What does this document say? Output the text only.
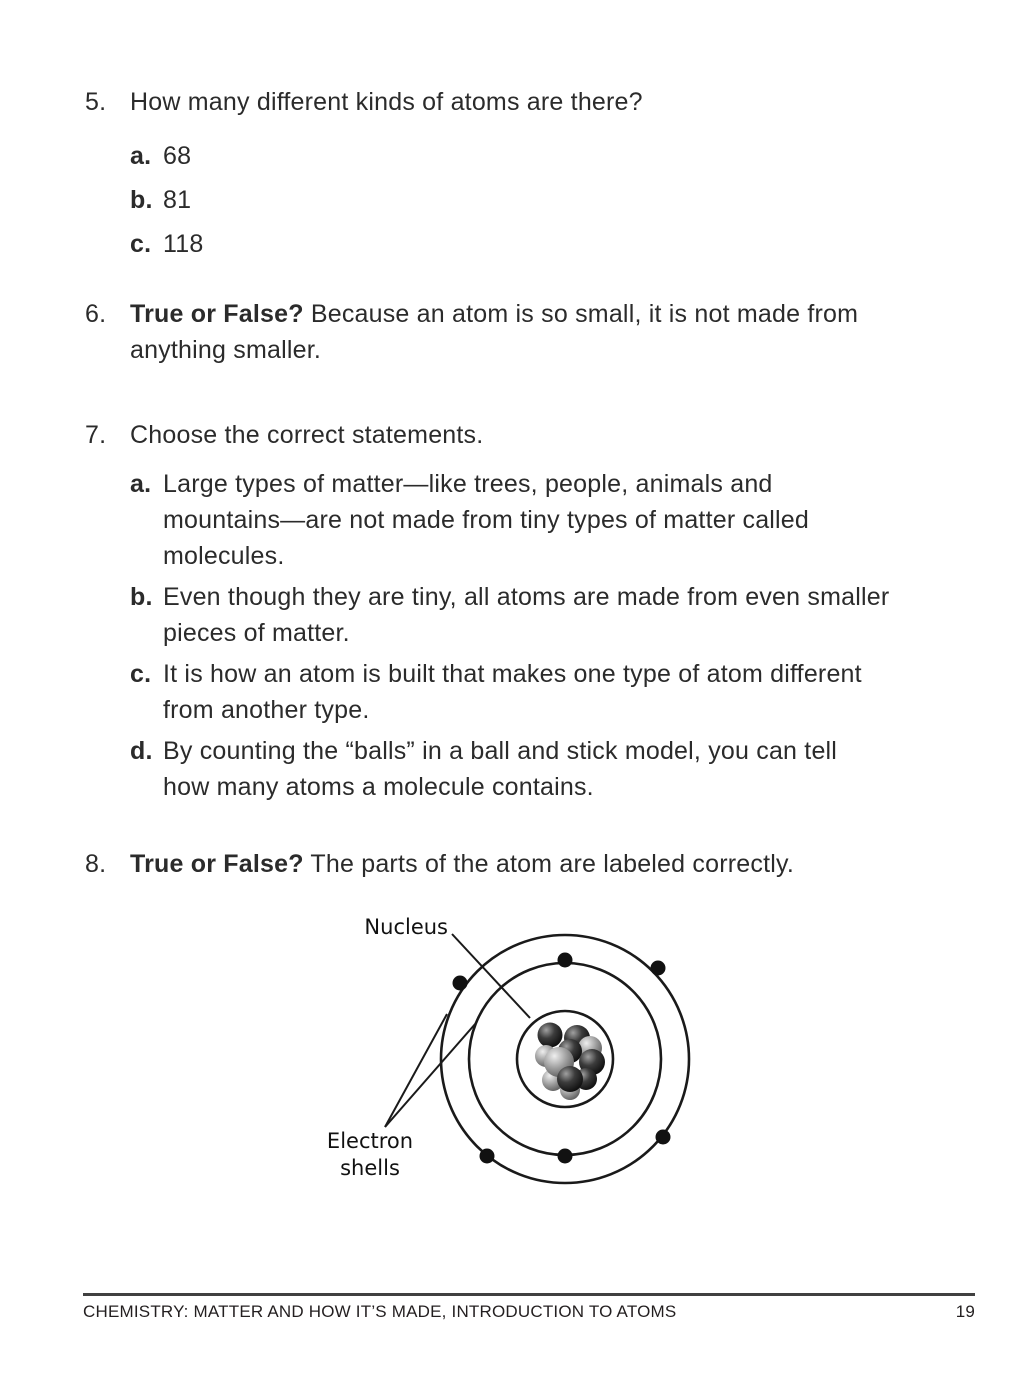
5. How many different kinds of atoms are there?
a. 68
b. 81
c. 118
6. True or False? Because an atom is so small, it is not made from
anything smaller.
7. Choose the correct statements.
a. Large types of matter—like trees, people, animals and
mountains—are not made from tiny types of matter called
molecules.
b. Even though they are tiny, all atoms are made from even smaller
pieces of matter.
c. It is how an atom is built that makes one type of atom different
from another type.
d. By counting the “balls” in a ball and stick model, you can tell
how many atoms a molecule contains.
8. True or False? The parts of the atom are labeled correctly.
Nucleus
Electron
shells
CHEMISTRY: MATTER AND HOW IT’S MADE, INTRODUCTION TO ATOMS	19
